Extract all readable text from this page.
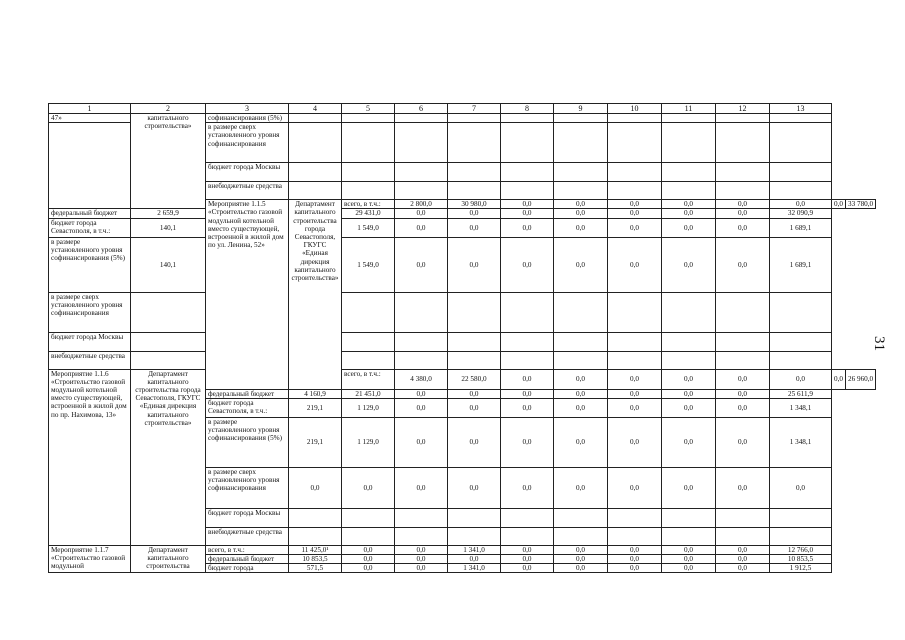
1	2	3	4	5	6	7	8	9	10	11	12	13		
47»	капитального строительства»	софинансирования (5%)												
		в размере сверх установленного уровня софинансирования												
		бюджет города Москвы												
		внебюджетные средства												
		Мероприятие 1.1.5 «Строительство газовой модульной котельной вместо существующей, встроенной в жилой дом по ул. Ленина, 52»	Департамент капитального строительства города Севастополя, ГКУГС «Единая дирекция капитального строительства»	всего, в т.ч.:	2 800,0	30 980,0	0,0	0,0	0,0	0,0	0,0	0,0	0,0	33 780,0
федеральный бюджет	2 659,9			29 431,0	0,0	0,0	0,0	0,0	0,0	0,0	0,0	32 090,9		
бюджет города Севастополя, в т.ч.:	140,1			1 549,0	0,0	0,0	0,0	0,0	0,0	0,0	0,0	1 689,1		
в размере установленного уровня софинансирования (5%)	140,1			1 549,0	0,0	0,0	0,0	0,0	0,0	0,0	0,0	1 689,1		
в размере сверх установленного уровня софинансирования														
бюджет города Москвы														
внебюджетные средства														
Мероприятие 1.1.6 «Строительство газовой модульной котельной вместо существующей, встроенной в жилой дом по пр. Нахимова, 13»	Департамент капитального строительства города Севастополя, ГКУГС «Единая дирекция капитального строительства»			всего, в т.ч.:	4 380,0	22 580,0	0,0	0,0	0,0	0,0	0,0	0,0	0,0	26 960,0
		федеральный бюджет	4 160,9	21 451,0	0,0	0,0	0,0	0,0	0,0	0,0	0,0	25 611,9		
		бюджет города Севастополя, в т.ч.:	219,1	1 129,0	0,0	0,0	0,0	0,0	0,0	0,0	0,0	1 348,1		
		в размере установленного уровня софинансирования (5%)	219,1	1 129,0	0,0	0,0	0,0	0,0	0,0	0,0	0,0	1 348,1		
		в размере сверх установленного уровня софинансирования	0,0	0,0	0,0	0,0	0,0	0,0	0,0	0,0	0,0	0,0		
		бюджет города Москвы												
		внебюджетные средства												
Мероприятие 1.1.7 «Строительство газовой модульной	Департамент капитального строительства	всего, в т.ч.:	11 425,0¹	0,0	0,0	1 341,0	0,0	0,0	0,0	0,0	0,0	12 766,0		
		федеральный бюджет	10 853,5	0,0	0,0	0,0	0,0	0,0	0,0	0,0	0,0	10 853,5		
		бюджет города	571,5	0,0	0,0	1 341,0	0,0	0,0	0,0	0,0	0,0	1 912,5		
31
